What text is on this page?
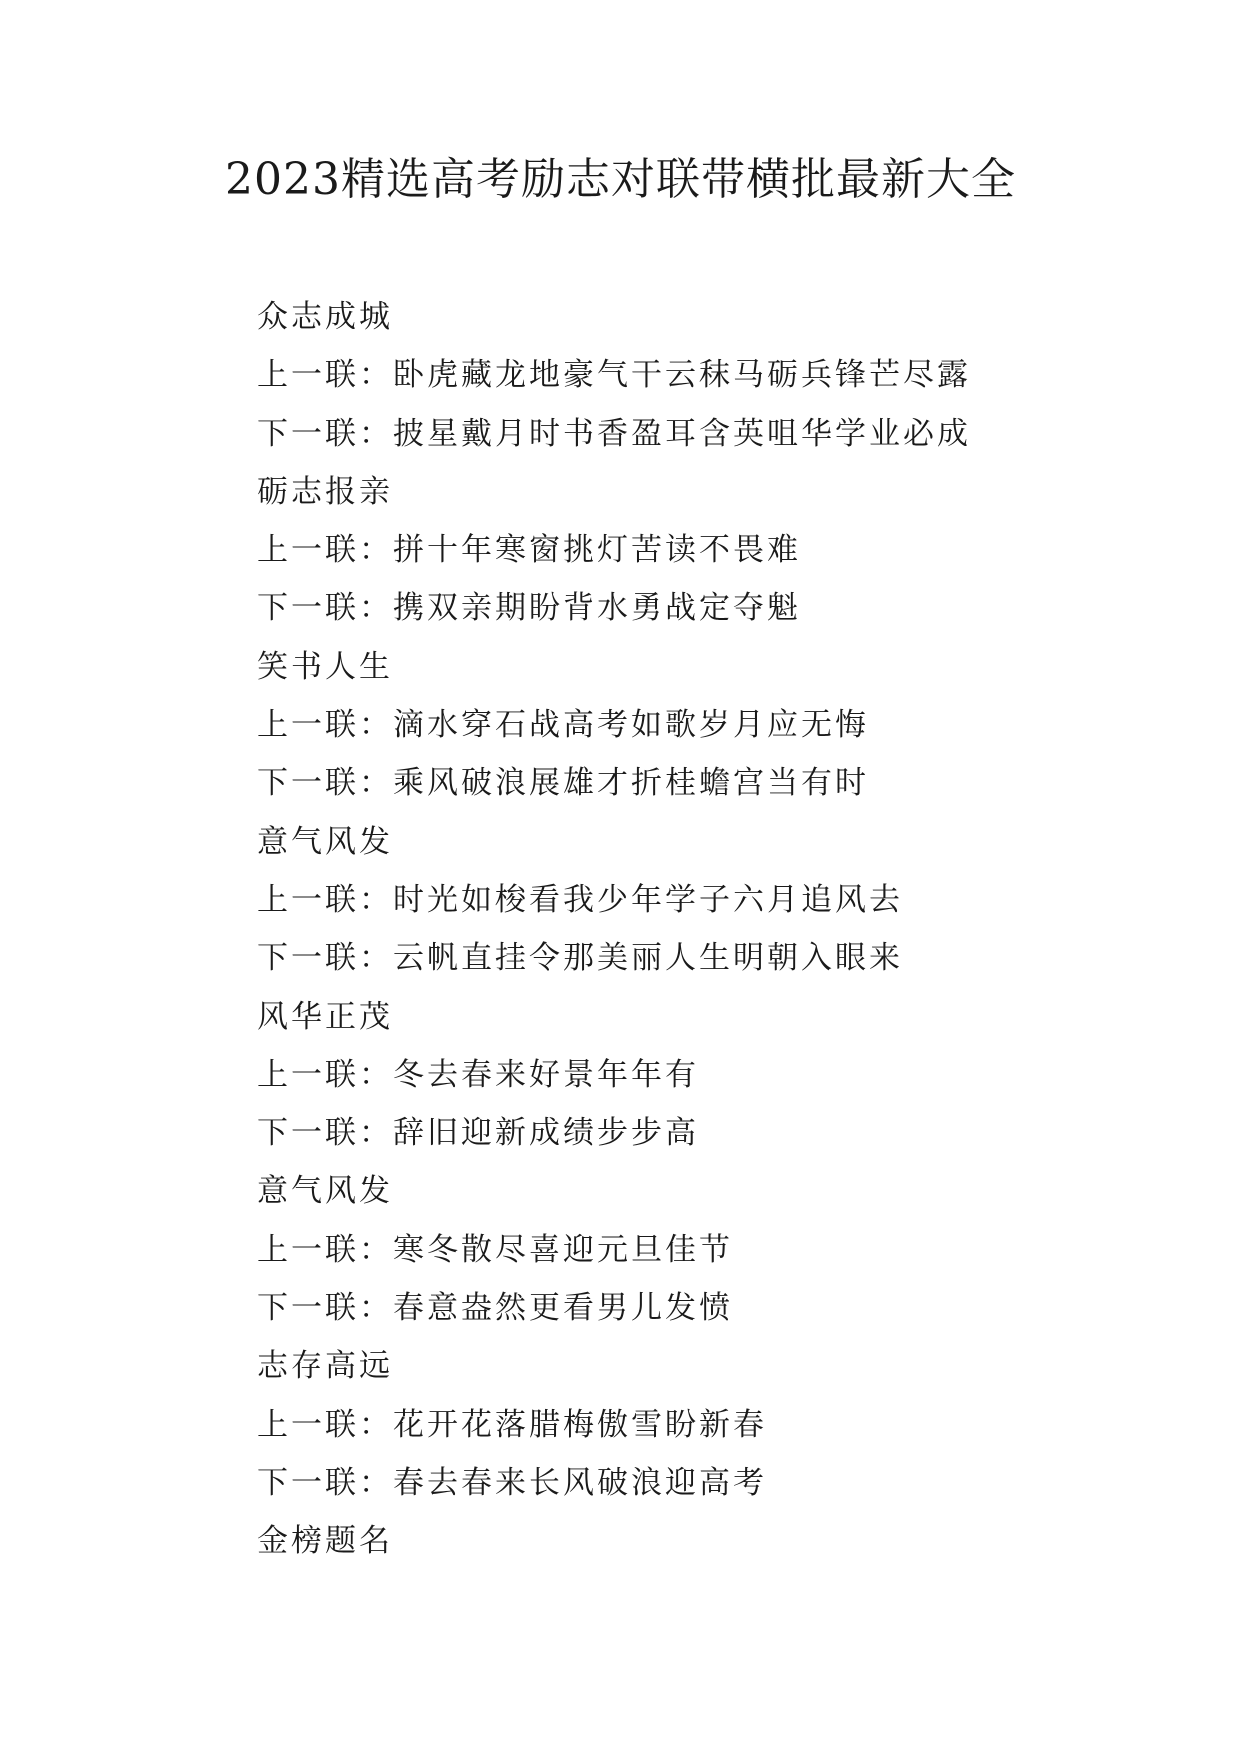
2023精选高考励志对联带横批最新大全
众志成城
上一联：卧虎藏龙地豪气干云秣马砺兵锋芒尽露
下一联：披星戴月时书香盈耳含英咀华学业必成
砺志报亲
上一联：拼十年寒窗挑灯苦读不畏难
下一联：携双亲期盼背水勇战定夺魁
笑书人生
上一联：滴水穿石战高考如歌岁月应无悔
下一联：乘风破浪展雄才折桂蟾宫当有时
意气风发
上一联：时光如梭看我少年学子六月追风去
下一联：云帆直挂令那美丽人生明朝入眼来
风华正茂
上一联：冬去春来好景年年有
下一联：辞旧迎新成绩步步高
意气风发
上一联：寒冬散尽喜迎元旦佳节
下一联：春意盎然更看男儿发愤
志存高远
上一联：花开花落腊梅傲雪盼新春
下一联：春去春来长风破浪迎高考
金榜题名
